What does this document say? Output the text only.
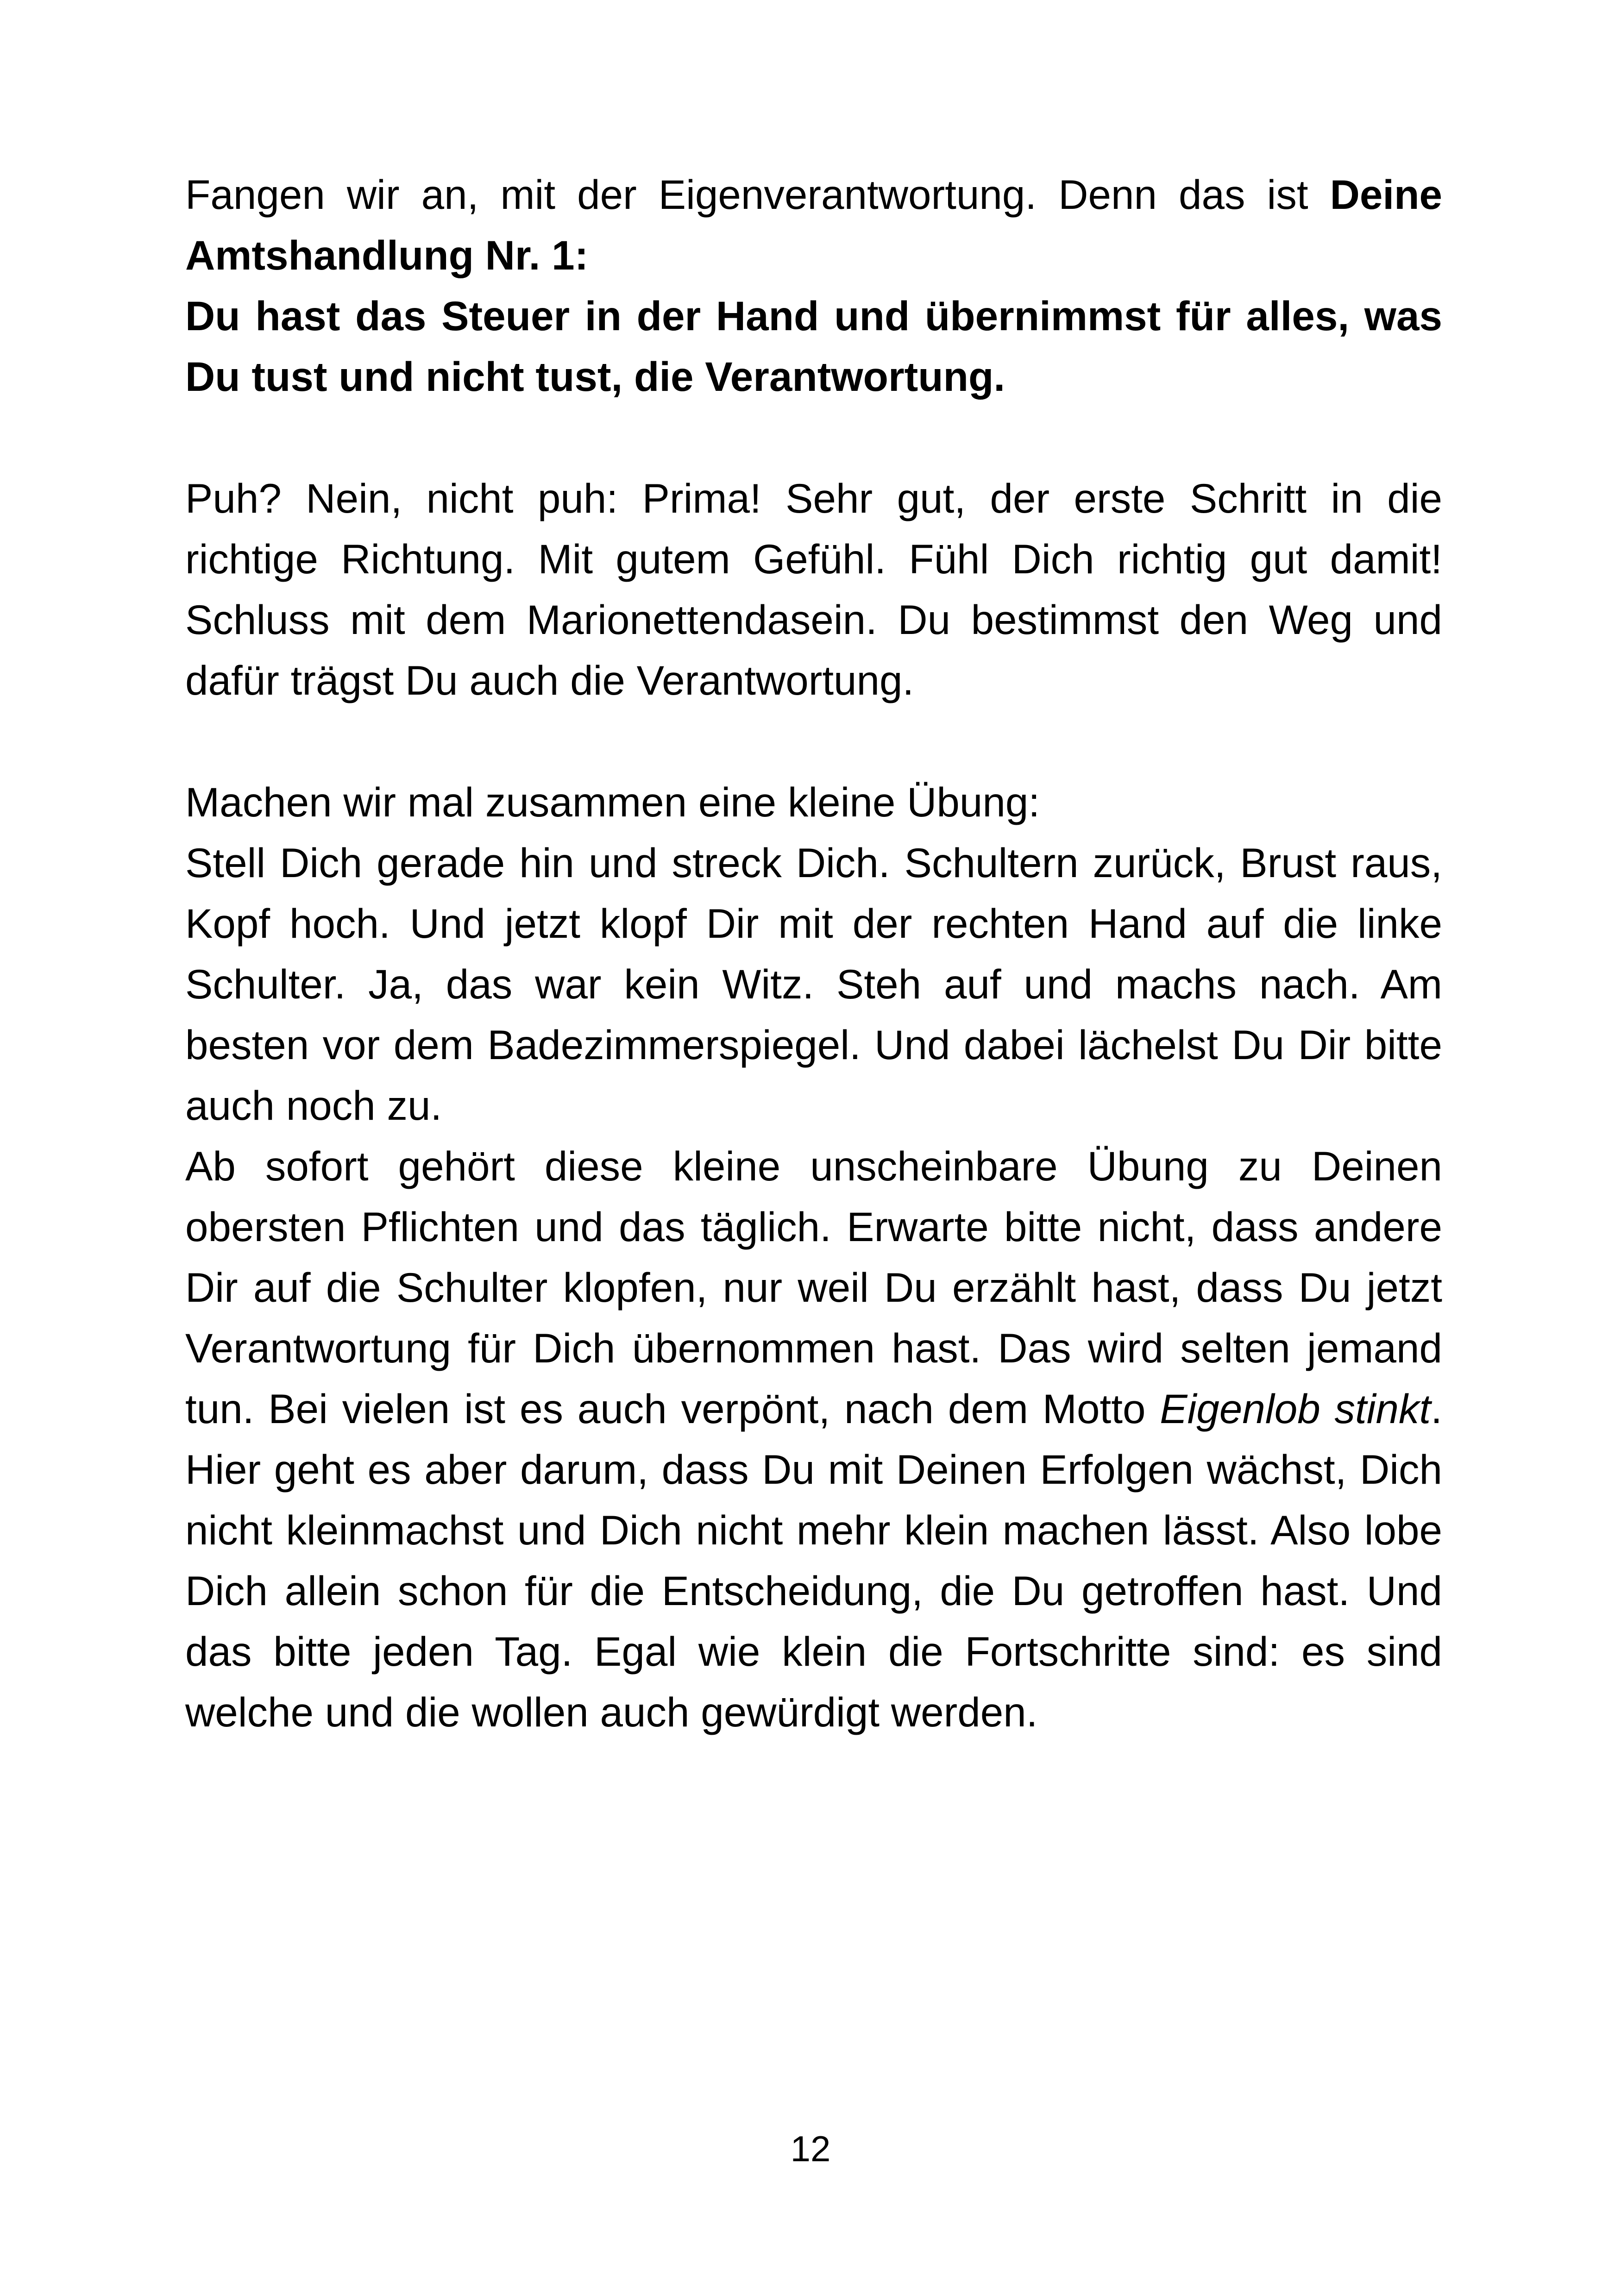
Fangen wir an, mit der Eigenverantwortung. Denn das ist Deine Amtshandlung Nr. 1:

Du hast das Steuer in der Hand und übernimmst für alles, was Du tust und nicht tust, die Verantwortung.

Puh? Nein, nicht puh: Prima! Sehr gut, der erste Schritt in die richtige Richtung. Mit gutem Gefühl. Fühl Dich richtig gut damit! Schluss mit dem Marionettendasein. Du bestimmst den Weg und dafür trägst Du auch die Verantwortung.

Machen wir mal zusammen eine kleine Übung:

Stell Dich gerade hin und streck Dich. Schultern zurück, Brust raus, Kopf hoch. Und jetzt klopf Dir mit der rechten Hand auf die linke Schulter. Ja, das war kein Witz. Steh auf und machs nach. Am besten vor dem Badezimmerspiegel. Und dabei lächelst Du Dir bitte auch noch zu.

Ab sofort gehört diese kleine unscheinbare Übung zu Deinen obersten Pflichten und das täglich. Erwarte bitte nicht, dass andere Dir auf die Schulter klopfen, nur weil Du erzählt hast, dass Du jetzt Verantwortung für Dich übernommen hast. Das wird selten jemand tun. Bei vielen ist es auch verpönt, nach dem Motto Eigenlob stinkt. Hier geht es aber darum, dass Du mit Deinen Erfolgen wächst, Dich nicht kleinmachst und Dich nicht mehr klein machen lässt. Also lobe Dich allein schon für die Entscheidung, die Du getroffen hast. Und das bitte jeden Tag. Egal wie klein die Fortschritte sind: es sind welche und die wollen auch gewürdigt werden.

12
